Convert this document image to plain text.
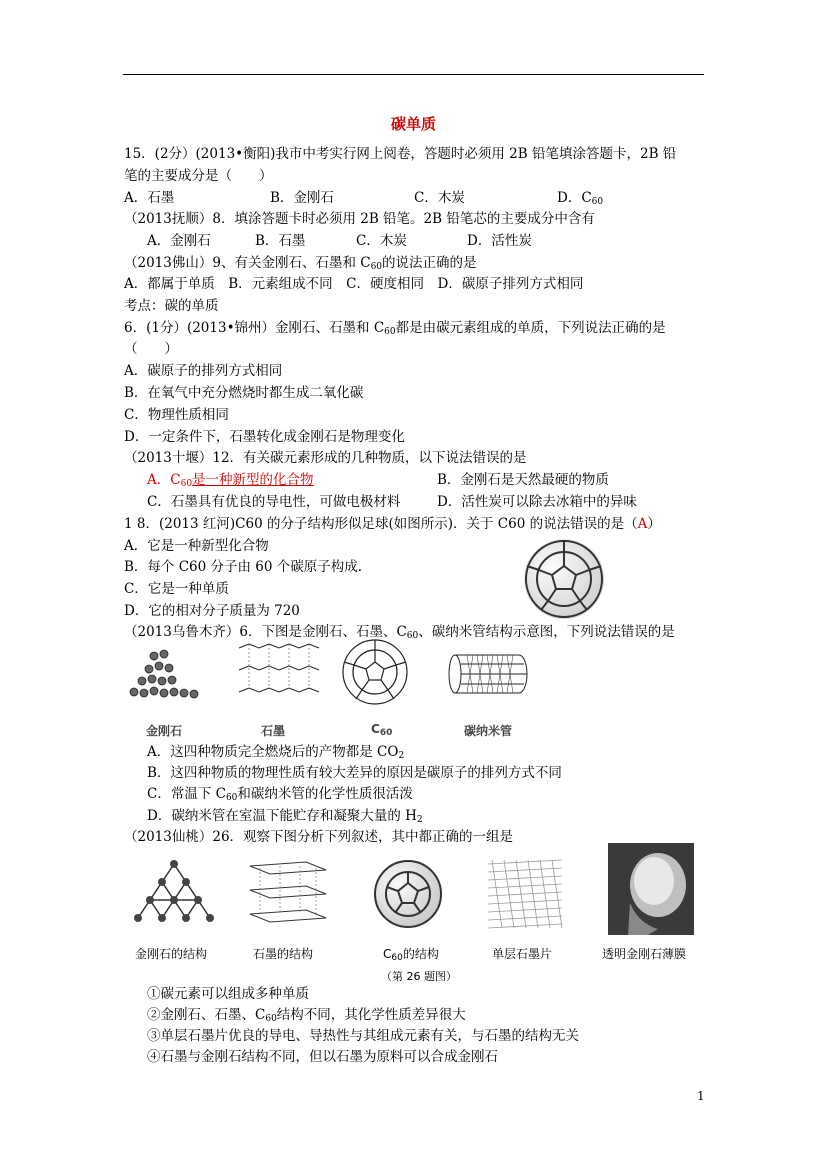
碳单质
15．(2分）(2013•衡阳)我市中考实行网上阅卷，答题时必须用 2B 铅笔填涂答题卡，2B 铅
笔的主要成分是（　　）
A．石墨	B．金刚石	C．木炭	D．$C_{60}$
（2013抚顺）8．填涂答题卡时必须用 2B 铅笔。2B 铅笔芯的主要成分中含有
A．金刚石	B．石墨	C．木炭	D．活性炭
（2013佛山）9、有关金刚石、石墨和 $C_{60}$的说法正确的是
A．都属于单质　B．元素组成不同　C．硬度相同　D．碳原子排列方式相同
考点：碳的单质
6．(1分）(2013•锦州）金刚石、石墨和 $C_{60}$都是由碳元素组成的单质，下列说法正确的是
（　　）
A．碳原子的排列方式相同
B．在氧气中充分燃烧时都生成二氧化碳
C．物理性质相同
D．一定条件下，石墨转化成金刚石是物理变化
（2013十堰）12．有关碳元素形成的几种物质，以下说法错误的是
A．$C_{60}$是一种新型的化合物	B．金刚石是天然最硬的物质
C．石墨具有优良的导电性，可做电极材料	D．活性炭可以除去冰箱中的异味
1 8．(2013 红河)C60 的分子结构形似足球(如图所示)．关于 C60 的说法错误的是（A）
A．它是一种新型化合物
B．每个 C60 分子由 60 个碳原子构成.
C．它是一种单质
D．它的相对分子质量为 720
（2013乌鲁木齐）6．下图是金刚石、石墨、$C_{60}$、碳纳米管结构示意图，下列说法错误的是
金刚石	石墨	$C_{60}$	碳纳米管
A．这四种物质完全燃烧后的产物都是 $CO_2$
B．这四种物质的物理性质有较大差异的原因是碳原子的排列方式不同
C．常温下 $C_{60}$和碳纳米管的化学性质很活泼
D．碳纳米管在室温下能贮存和凝聚大量的 $H_2$
（2013仙桃）26．观察下图分析下列叙述，其中都正确的一组是
金刚石的结构	石墨的结构	$C_{60}$的结构	单层石墨片	透明金刚石薄膜
（第 26 题图）
①碳元素可以组成多种单质
②金刚石、石墨、$C_{60}$结构不同，其化学性质差异很大
③单层石墨片优良的导电、导热性与其组成元素有关，与石墨的结构无关
④石墨与金刚石结构不同，但以石墨为原料可以合成金刚石
1
